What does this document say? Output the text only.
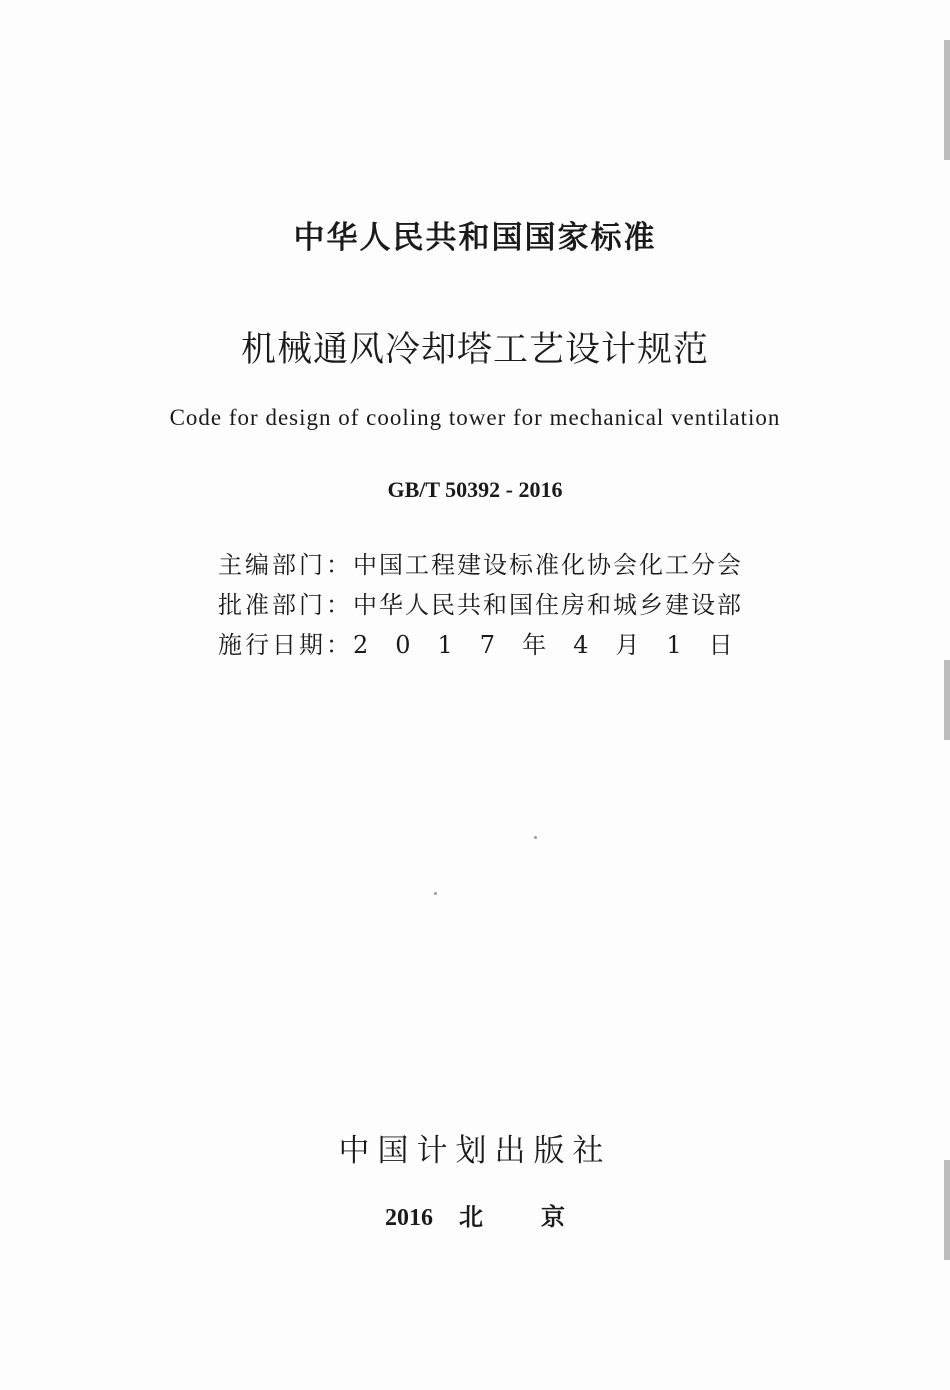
中华人民共和国国家标准
机械通风冷却塔工艺设计规范
Code for design of cooling tower for mechanical ventilation
GB/T 50392 - 2016
主编部门：中国工程建设标准化协会化工分会
批准部门：中华人民共和国住房和城乡建设部
施行日期：2017年4月1日
中国计划出版社
2016 北 京
